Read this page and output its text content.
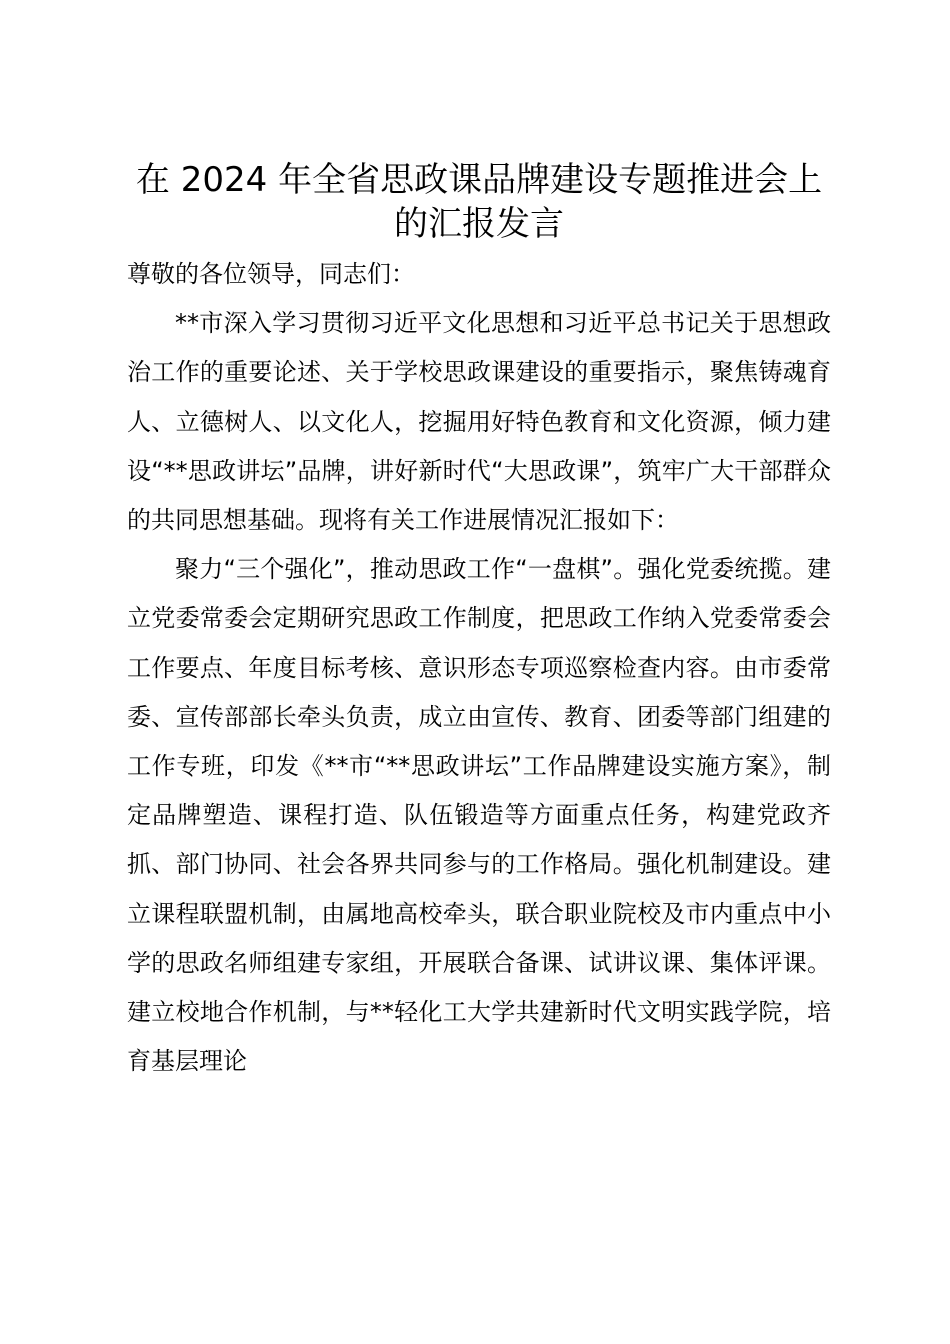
在 2024 年全省思政课品牌建设专题推进会上
的汇报发言

尊敬的各位领导，同志们：

**市深入学习贯彻习近平文化思想和习近平总书记关于思想政治工作的重要论述、关于学校思政课建设的重要指示，聚焦铸魂育人、立德树人、以文化人，挖掘用好特色教育和文化资源，倾力建设“**思政讲坛”品牌，讲好新时代“大思政课”，筑牢广大干部群众的共同思想基础。现将有关工作进展情况汇报如下：

聚力“三个强化”，推动思政工作“一盘棋”。强化党委统揽。建立党委常委会定期研究思政工作制度，把思政工作纳入党委常委会工作要点、年度目标考核、意识形态专项巡察检查内容。由市委常委、宣传部部长牵头负责，成立由宣传、教育、团委等部门组建的工作专班，印发《**市“**思政讲坛”工作品牌建设实施方案》，制定品牌塑造、课程打造、队伍锻造等方面重点任务，构建党政齐抓、部门协同、社会各界共同参与的工作格局。强化机制建设。建立课程联盟机制，由属地高校牵头，联合职业院校及市内重点中小学的思政名师组建专家组，开展联合备课、试讲议课、集体评课。建立校地合作机制，与**轻化工大学共建新时代文明实践学院，培育基层理论
